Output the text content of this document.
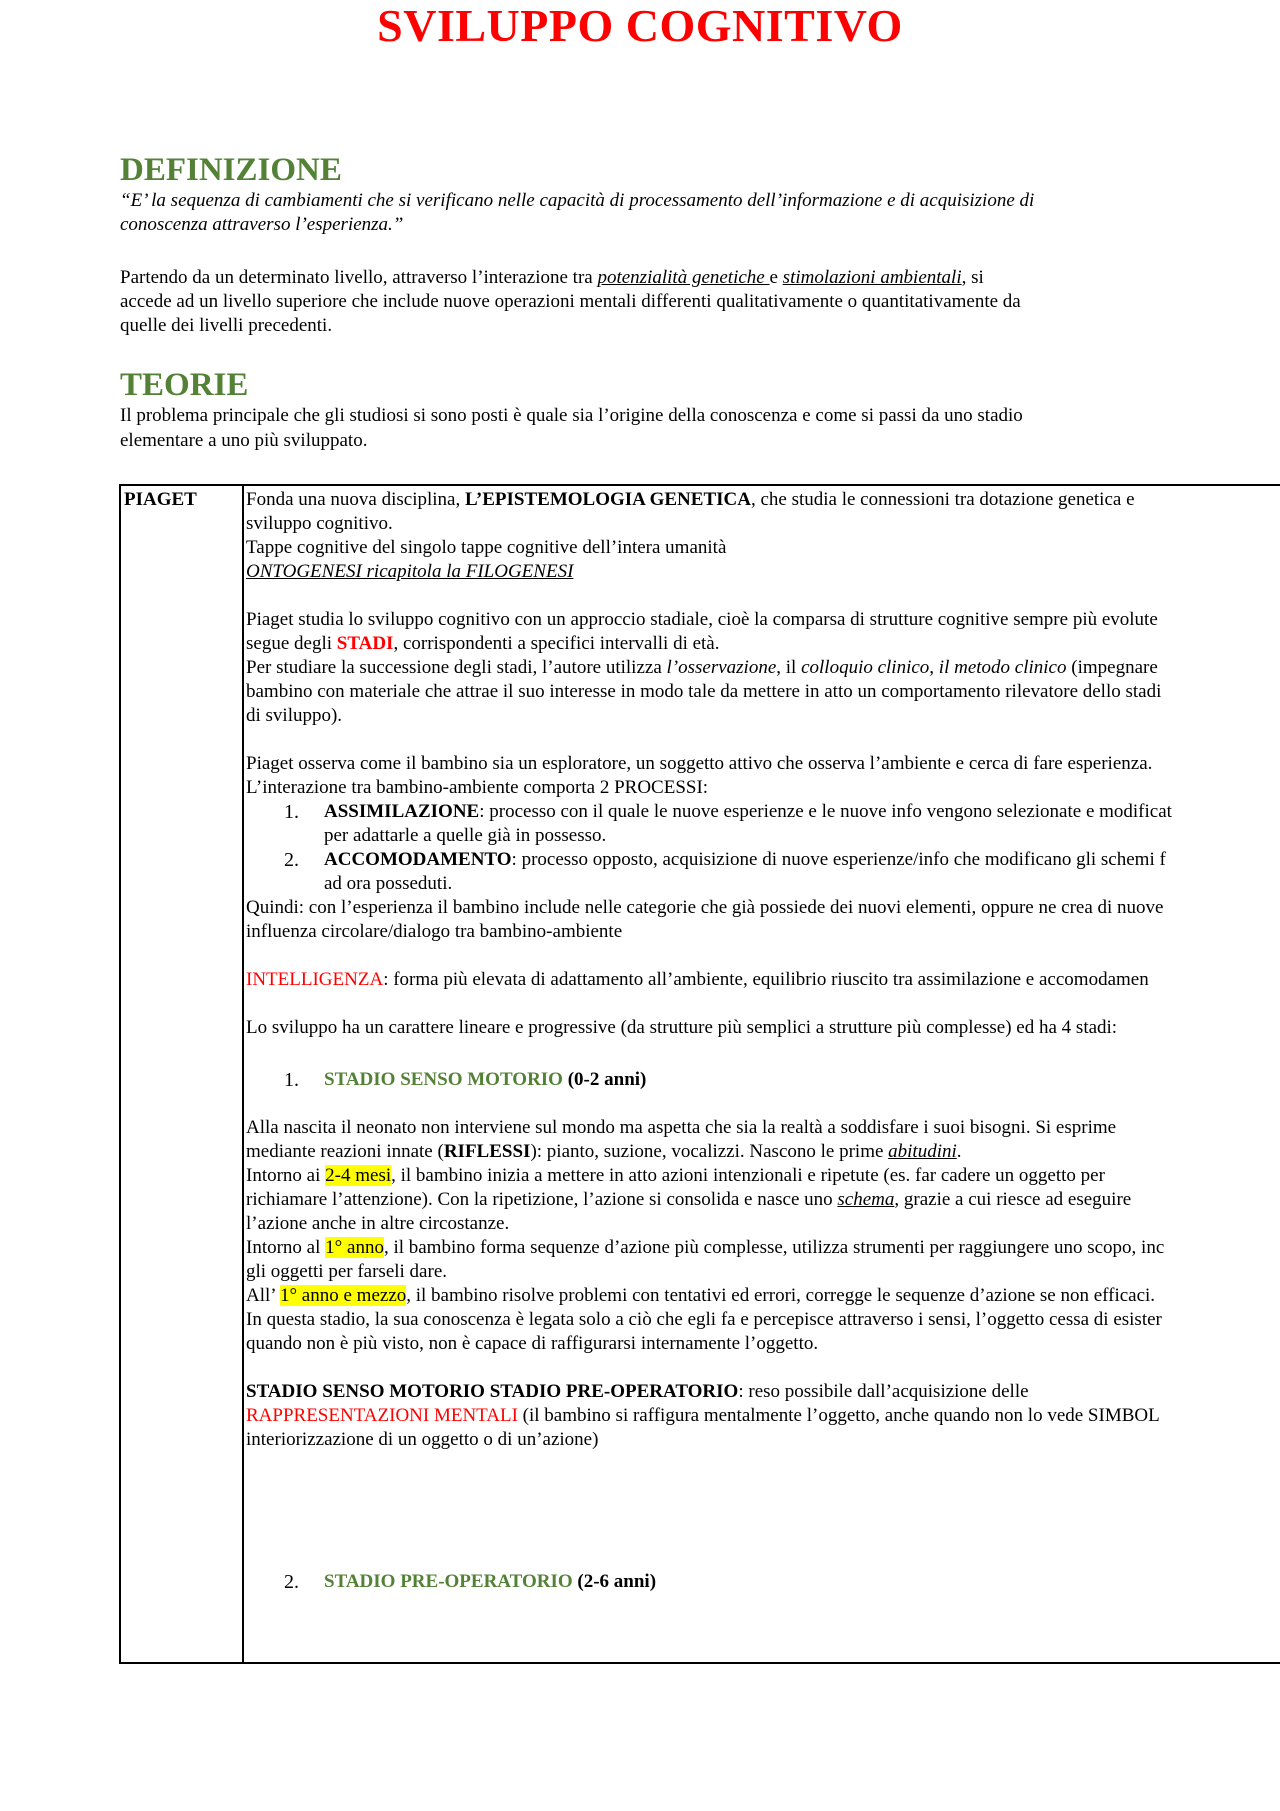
SVILUPPO COGNITIVO
DEFINIZIONE
“E’ la sequenza di cambiamenti che si verificano nelle capacità di processamento dell’informazione e di acquisizione di
conoscenza attraverso l’esperienza.”
Partendo da un determinato livello, attraverso l’interazione tra potenzialità genetiche e stimolazioni ambientali, si
accede ad un livello superiore che include nuove operazioni mentali differenti qualitativamente o quantitativamente da
quelle dei livelli precedenti.
TEORIE
Il problema principale che gli studiosi si sono posti è quale sia l’origine della conoscenza e come si passi da uno stadio
elementare a uno più sviluppato.
PIAGET	Fonda una nuova disciplina, L’EPISTEMOLOGIA GENETICA, che studia le connessioni tra dotazione genetica e
sviluppo cognitivo.
Tappe cognitive del singolo tappe cognitive dell’intera umanità
ONTOGENESI ricapitola la FILOGENESI
Piaget studia lo sviluppo cognitivo con un approccio stadiale, cioè la comparsa di strutture cognitive sempre più evolute
segue degli STADI, corrispondenti a specifici intervalli di età.
Per studiare la successione degli stadi, l’autore utilizza l’osservazione, il colloquio clinico, il metodo clinico (impegnare
bambino con materiale che attrae il suo interesse in modo tale da mettere in atto un comportamento rilevatore dello stadi
di sviluppo).
Piaget osserva come il bambino sia un esploratore, un soggetto attivo che osserva l’ambiente e cerca di fare esperienza.
L’interazione tra bambino-ambiente comporta 2 PROCESSI:
1. ASSIMILAZIONE: processo con il quale le nuove esperienze e le nuove info vengono selezionate e modificat
per adattarle a quelle già in possesso.
2. ACCOMODAMENTO: processo opposto, acquisizione di nuove esperienze/info che modificano gli schemi f
ad ora posseduti.
Quindi: con l’esperienza il bambino include nelle categorie che già possiede dei nuovi elementi, oppure ne crea di nuove
influenza circolare/dialogo tra bambino-ambiente
INTELLIGENZA: forma più elevata di adattamento all’ambiente, equilibrio riuscito tra assimilazione e accomodamen
Lo sviluppo ha un carattere lineare e progressive (da strutture più semplici a strutture più complesse) ed ha 4 stadi:
1. STADIO SENSO MOTORIO (0-2 anni)
Alla nascita il neonato non interviene sul mondo ma aspetta che sia la realtà a soddisfare i suoi bisogni. Si esprime
mediante reazioni innate (RIFLESSI): pianto, suzione, vocalizzi. Nascono le prime abitudini.
Intorno ai 2-4 mesi, il bambino inizia a mettere in atto azioni intenzionali e ripetute (es. far cadere un oggetto per
richiamare l’attenzione). Con la ripetizione, l’azione si consolida e nasce uno schema, grazie a cui riesce ad eseguire
l’azione anche in altre circostanze.
Intorno al 1° anno, il bambino forma sequenze d’azione più complesse, utilizza strumenti per raggiungere uno scopo, inc
gli oggetti per farseli dare.
All’ 1° anno e mezzo, il bambino risolve problemi con tentativi ed errori, corregge le sequenze d’azione se non efficaci.
In questa stadio, la sua conoscenza è legata solo a ciò che egli fa e percepisce attraverso i sensi, l’oggetto cessa di esister
quando non è più visto, non è capace di raffigurarsi internamente l’oggetto.
STADIO SENSO MOTORIO STADIO PRE-OPERATORIO: reso possibile dall’acquisizione delle
RAPPRESENTAZIONI MENTALI (il bambino si raffigura mentalmente l’oggetto, anche quando non lo vede SIMBOL
interiorizzazione di un oggetto o di un’azione)
2. STADIO PRE-OPERATORIO (2-6 anni)
